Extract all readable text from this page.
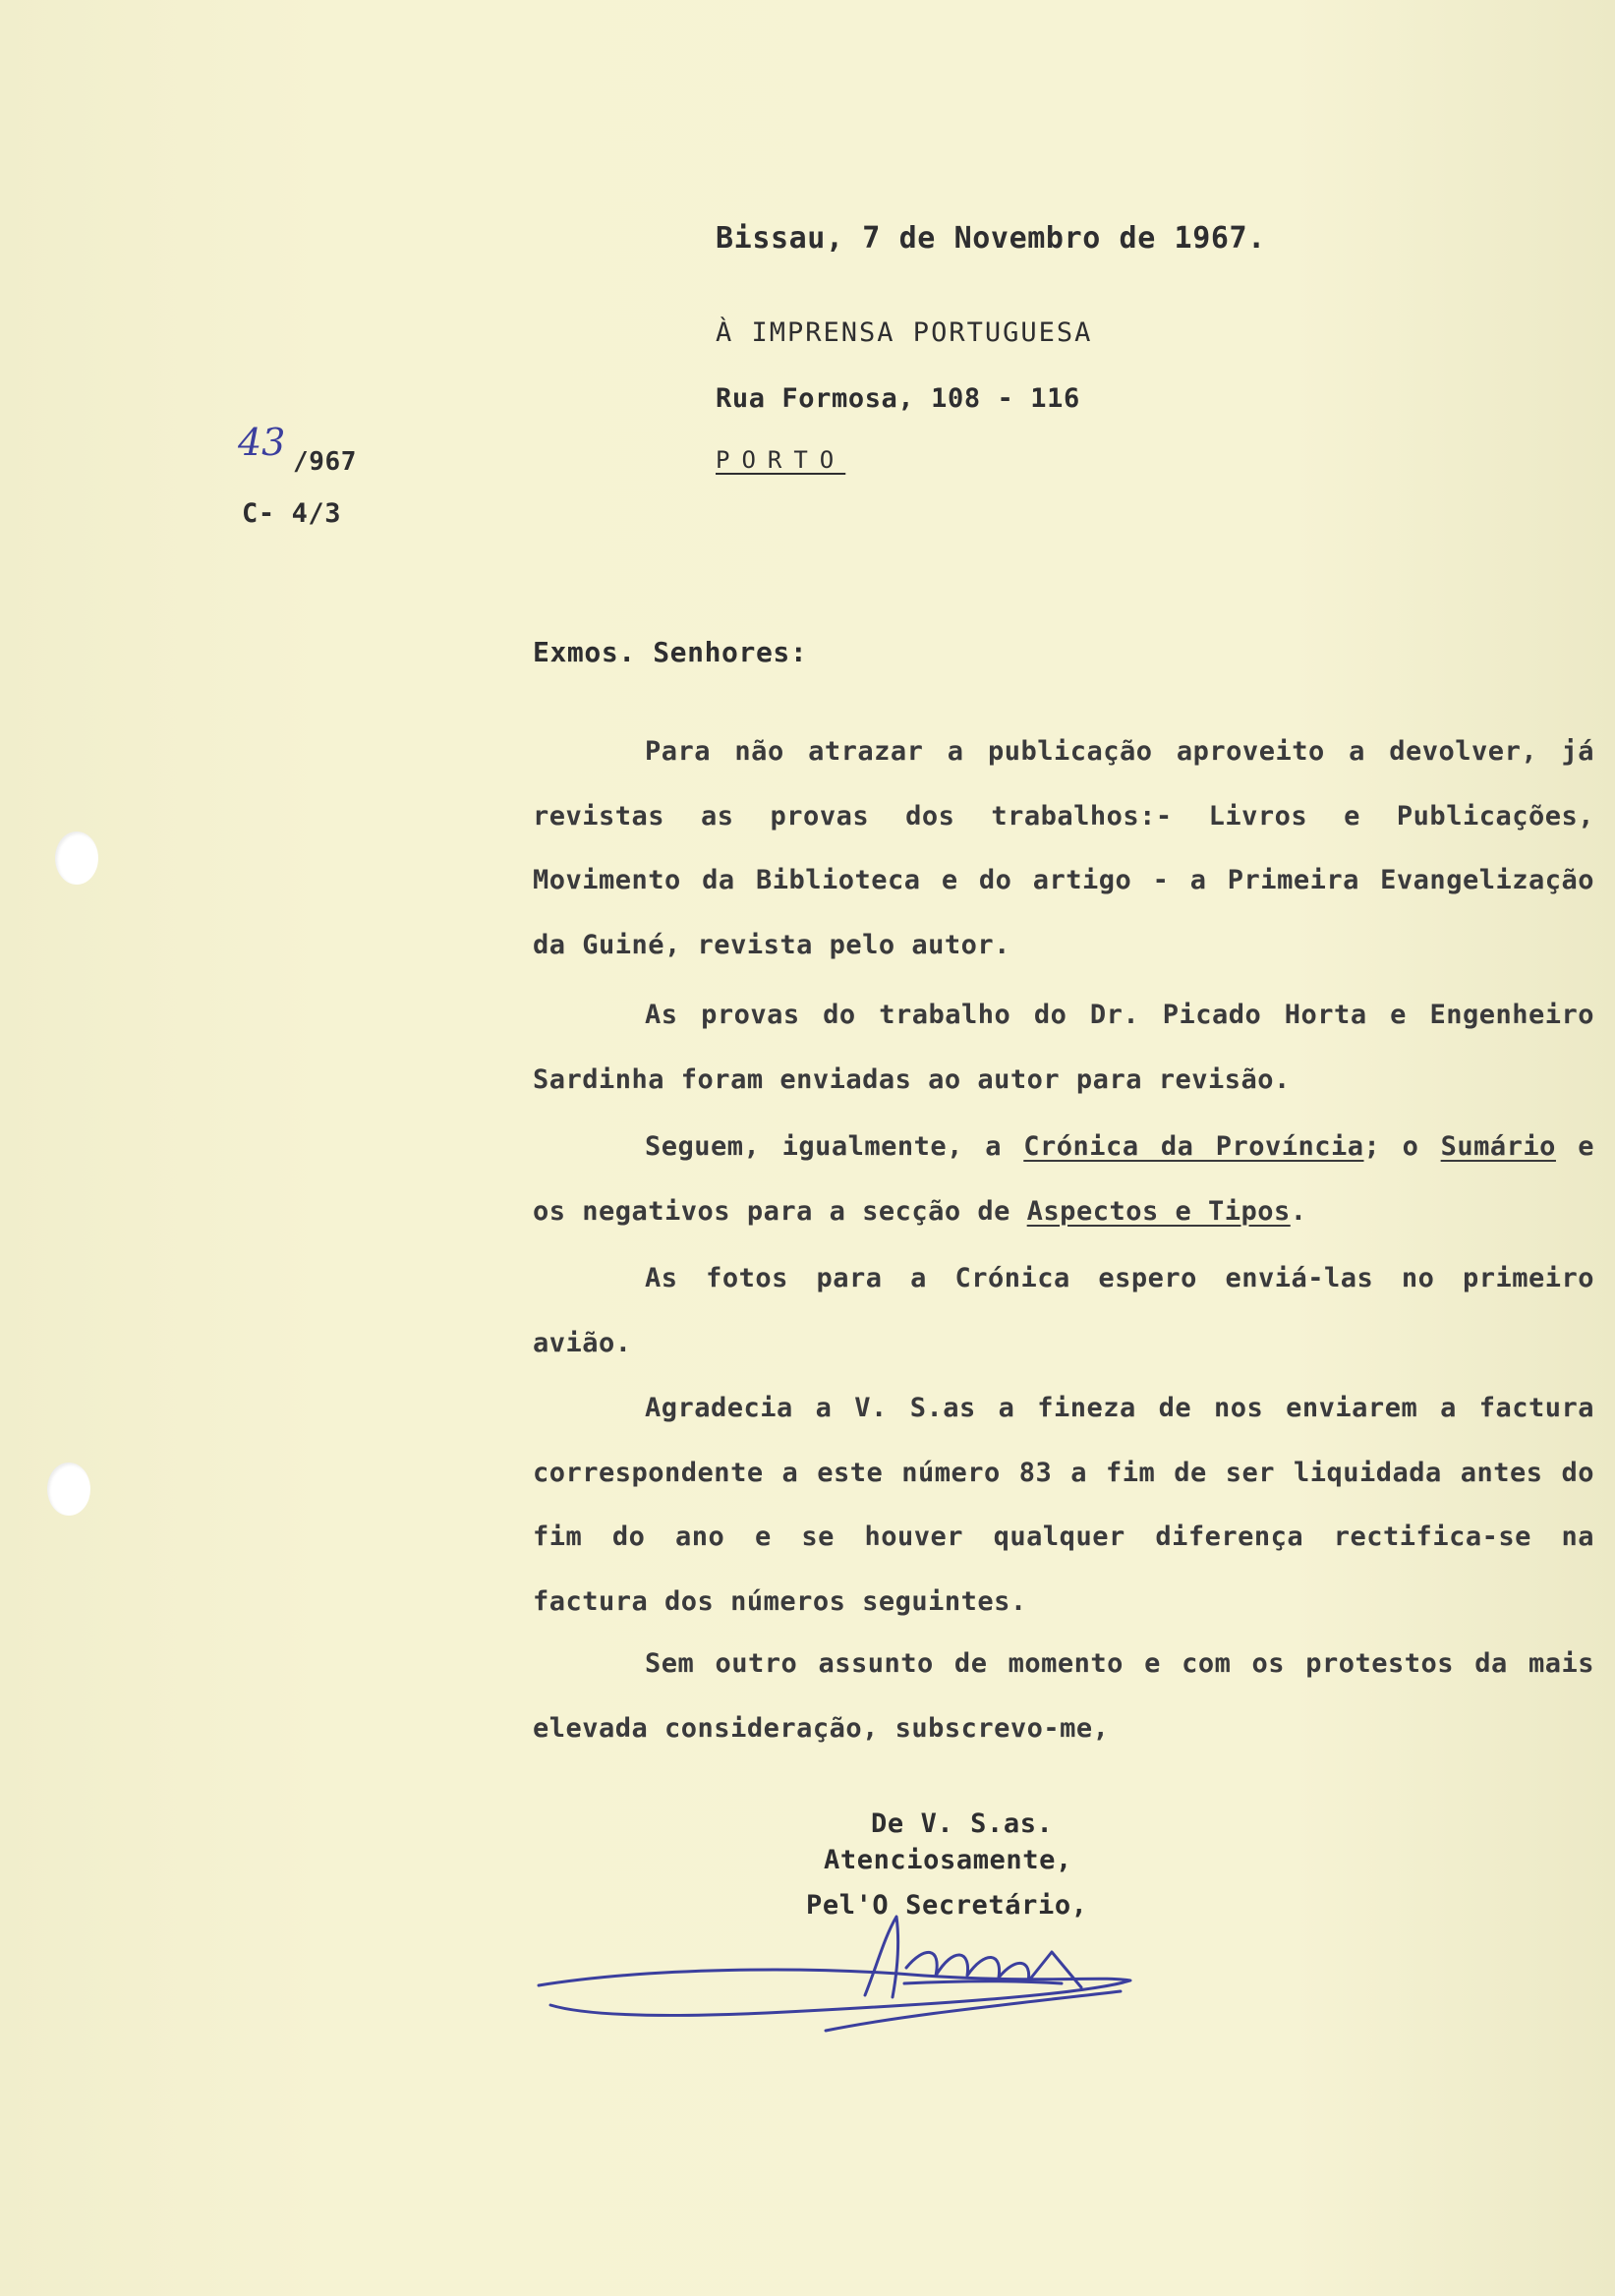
Bissau, 7 de Novembro de 1967.
À IMPRENSA PORTUGUESA
Rua Formosa, 108 - 116
PORTO
43 /967
C- 4/3
Exmos. Senhores:
Para não atrazar a publicação aproveito a devolver, já revistas as provas dos trabalhos:- Livros e Publicações, Movimento da Biblioteca e do artigo - a Primeira Evangelização da Guiné, revista pelo autor.
As provas do trabalho do Dr. Picado Horta e Engenheiro Sardinha foram enviadas ao autor para revisão.
Seguem, igualmente, a Crónica da Província; o Sumário e os negativos para a secção de Aspectos e Tipos.
As fotos para a Crónica espero enviá-las no primeiro avião.
Agradecia a V. S.as a fineza de nos enviarem a factura correspondente a este número 83 a fim de ser liquidada antes do fim do ano e se houver qualquer diferença rectifica-se na factura dos números seguintes.
Sem outro assunto de momento e com os protestos da mais elevada consideração, subscrevo-me,
De V. S.as.
Atenciosamente,
Pel'O Secretário,
